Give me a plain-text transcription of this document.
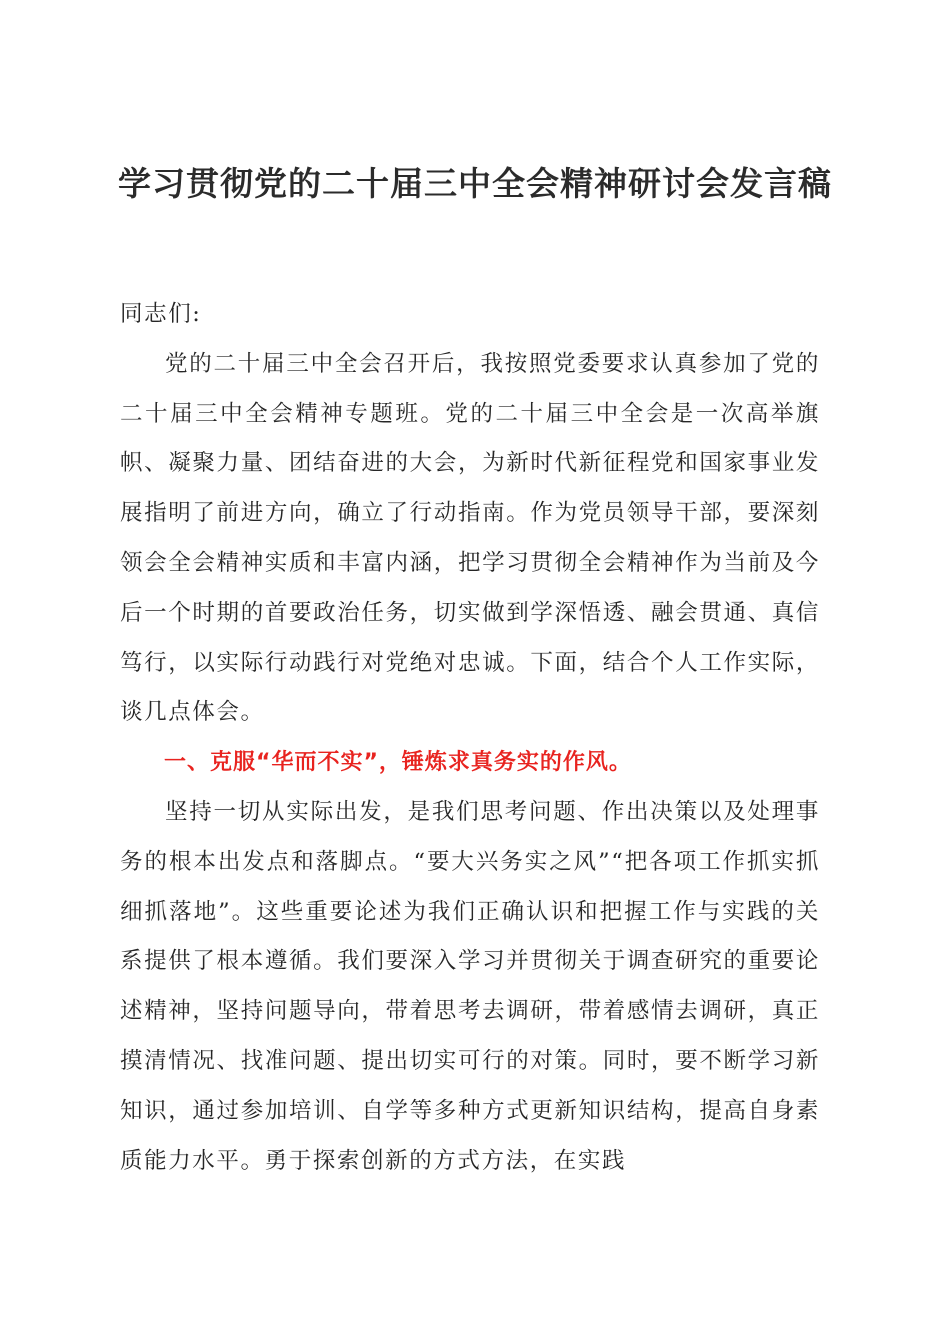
学习贯彻党的二十届三中全会精神研讨会发言稿

同志们:

党的二十届三中全会召开后，我按照党委要求认真参加了党的二十届三中全会精神专题班。党的二十届三中全会是一次高举旗帜、凝聚力量、团结奋进的大会，为新时代新征程党和国家事业发展指明了前进方向，确立了行动指南。作为党员领导干部，要深刻领会全会精神实质和丰富内涵，把学习贯彻全会精神作为当前及今后一个时期的首要政治任务，切实做到学深悟透、融会贯通、真信笃行，以实际行动践行对党绝对忠诚。下面，结合个人工作实际，谈几点体会。

一、克服“华而不实”，锤炼求真务实的作风。

坚持一切从实际出发，是我们思考问题、作出决策以及处理事务的根本出发点和落脚点。“要大兴务实之风”“把各项工作抓实抓细抓落地”。这些重要论述为我们正确认识和把握工作与实践的关系提供了根本遵循。我们要深入学习并贯彻关于调查研究的重要论述精神，坚持问题导向，带着思考去调研，带着感情去调研，真正摸清情况、找准问题、提出切实可行的对策。同时，要不断学习新知识，通过参加培训、自学等多种方式更新知识结构，提高自身素质能力水平。勇于探索创新的方式方法，在实践
